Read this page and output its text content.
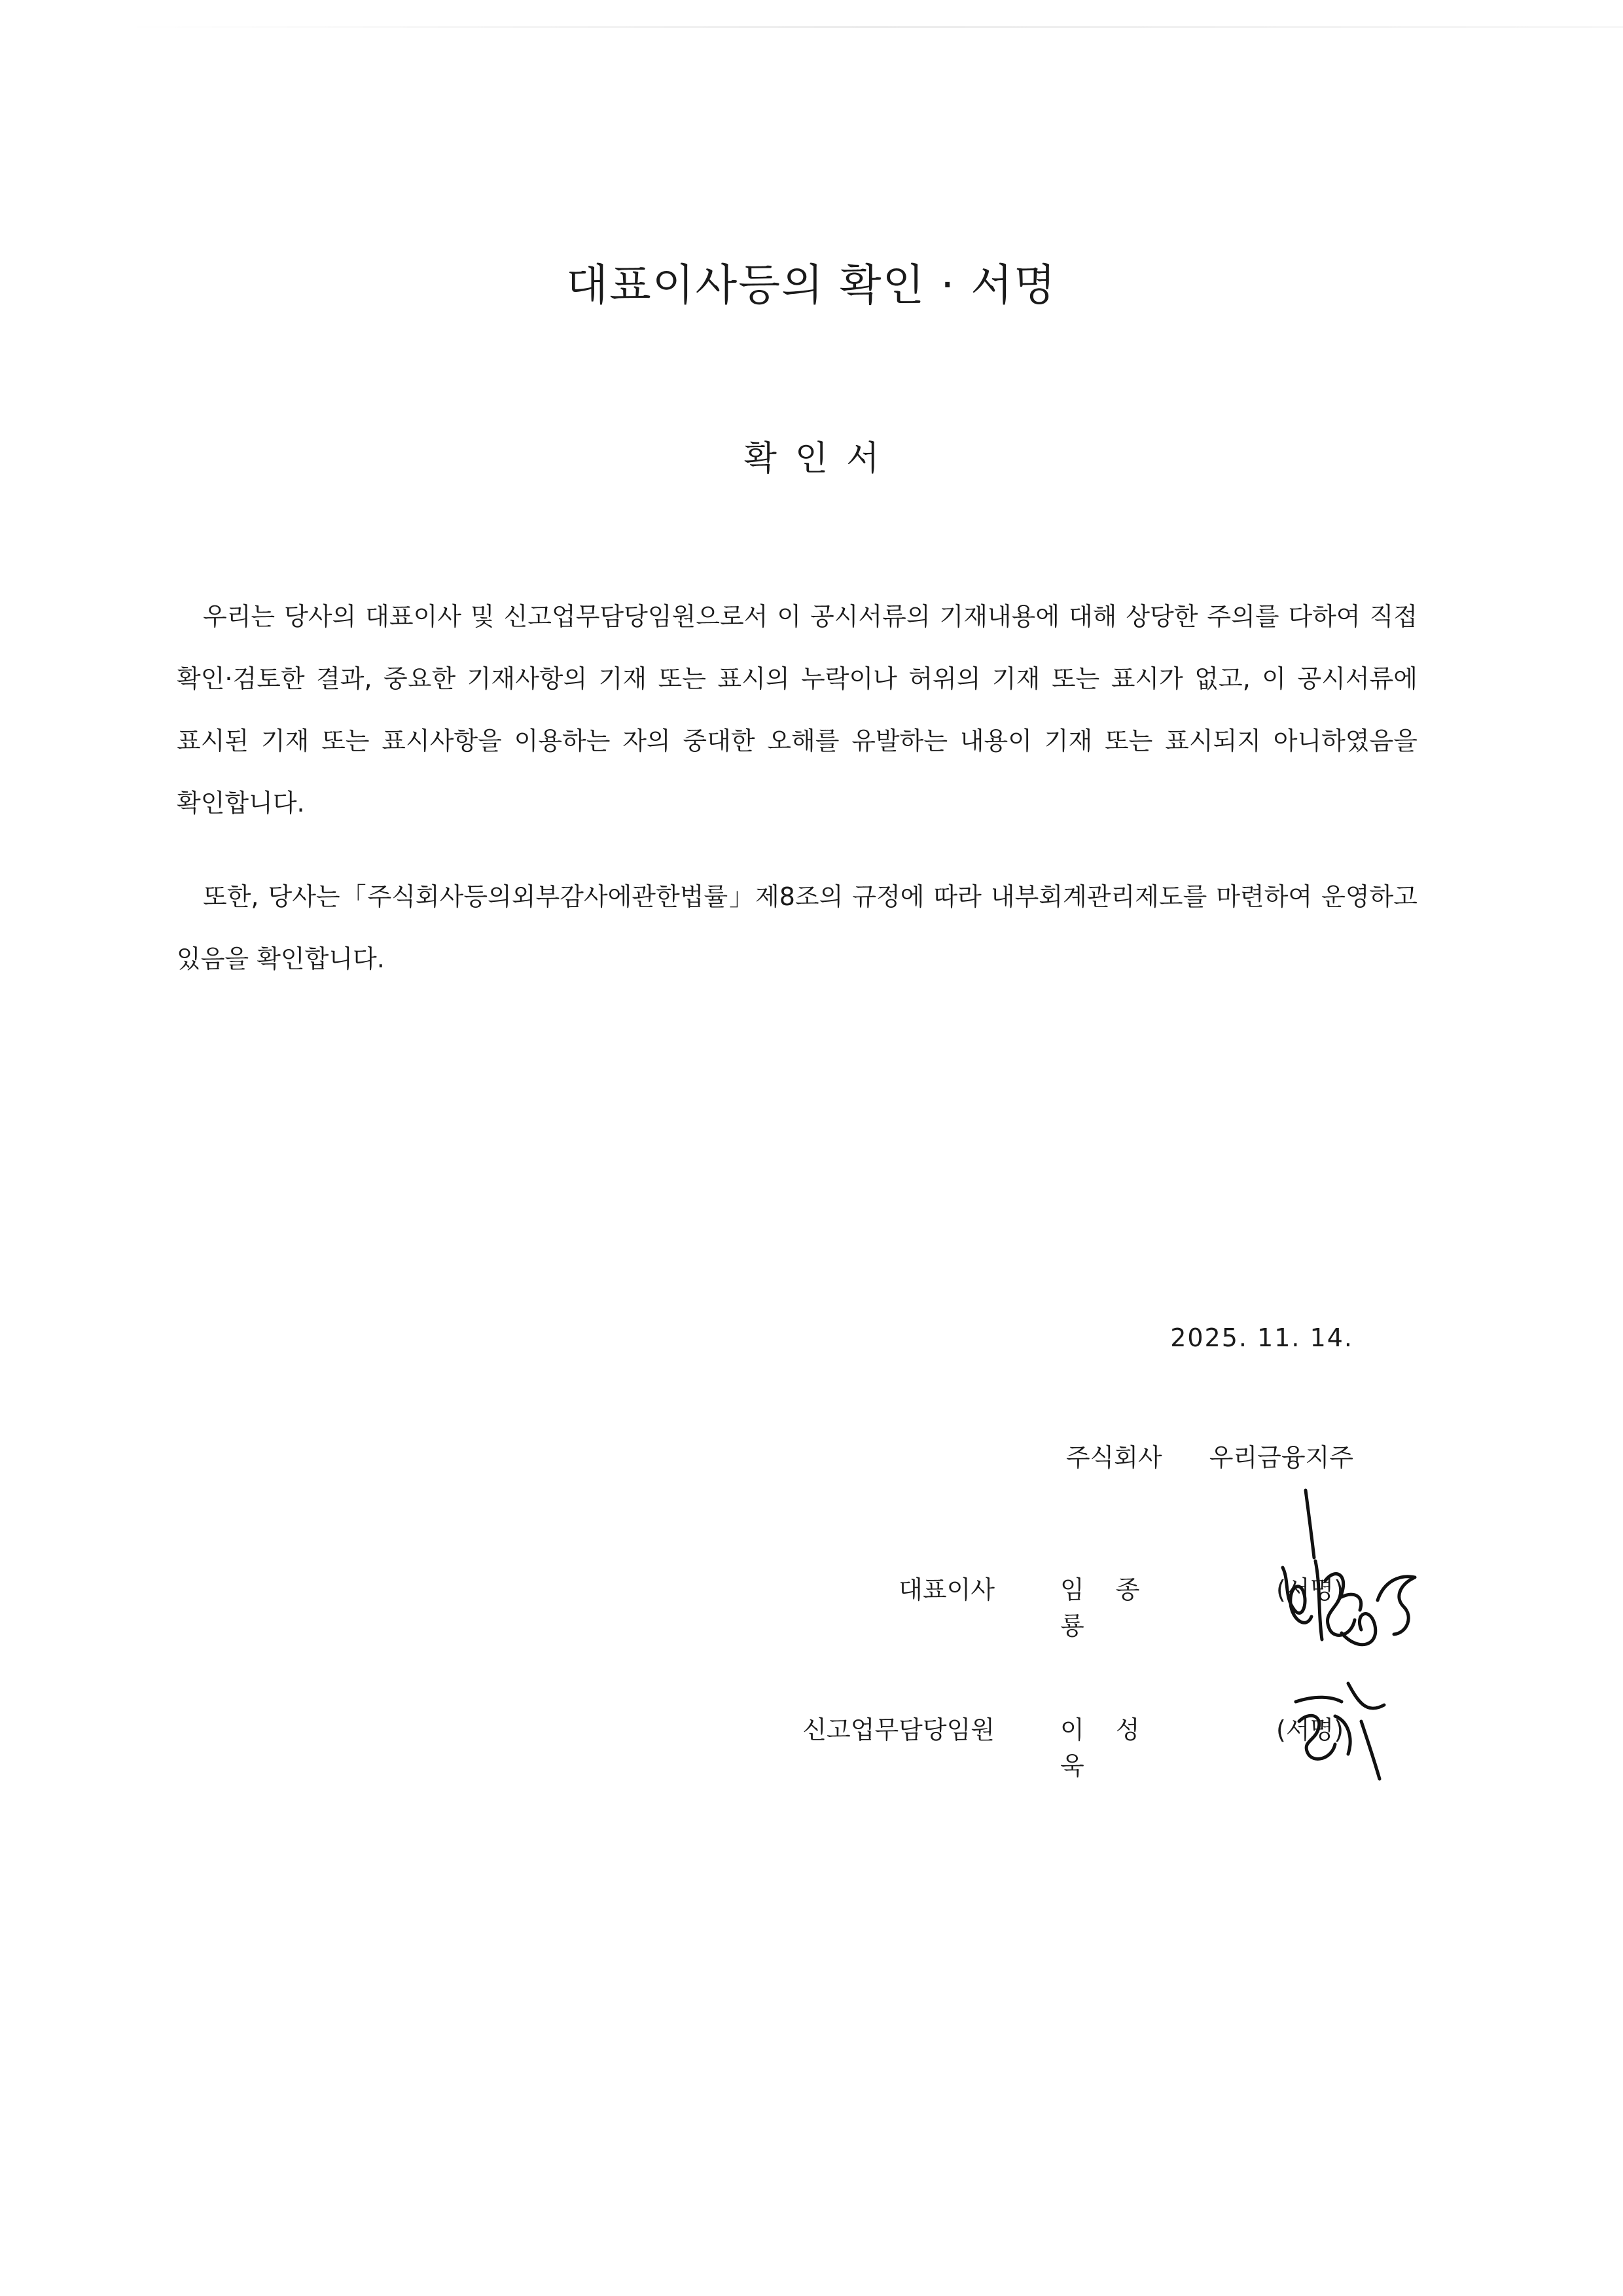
대표이사등의 확인 · 서명
확인서

우리는 당사의 대표이사 및 신고업무담당임원으로서 이 공시서류의 기재내용에 대해 상당한 주의를 다하여 직접 확인·검토한 결과, 중요한 기재사항의 기재 또는 표시의 누락이나 허위의 기재 또는 표시가 없고, 이 공시서류에 표시된 기재 또는 표시사항을 이용하는 자의 중대한 오해를 유발하는 내용이 기재 또는 표시되지 아니하였음을 확인합니다.

또한, 당사는「주식회사등의외부감사에관한법률」제8조의 규정에 따라 내부회계관리제도를 마련하여 운영하고 있음을 확인합니다.

2025. 11. 14.
주식회사 우리금융지주
대표이사	임 종 룡
(서명)
신고업무담당임원	이 성 욱
(서명)
